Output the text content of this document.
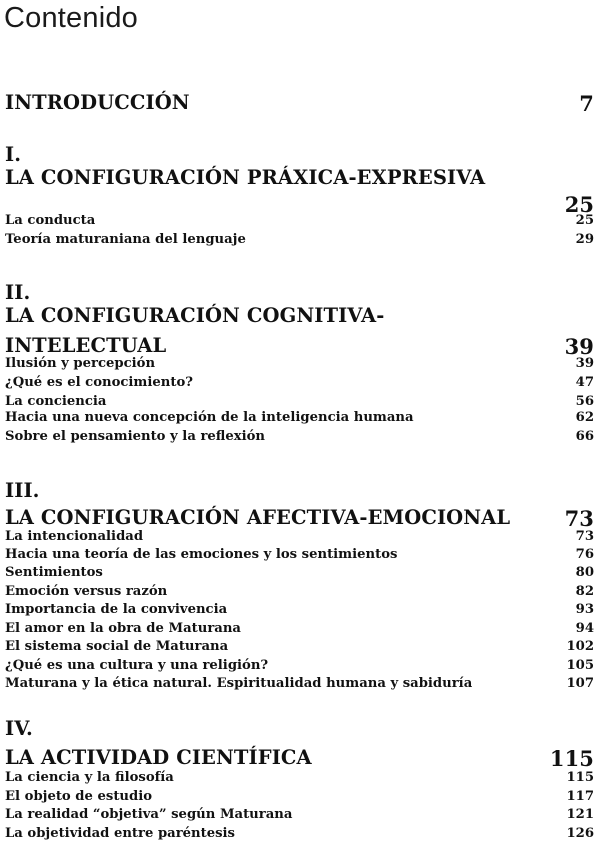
Contenido
INTRODUCCIÓN	7
I.
LA CONFIGURACIÓN PRÁXICA-EXPRESIVA
25
La conducta	25
Teoría maturaniana del lenguaje	29
II.
LA CONFIGURACIÓN COGNITIVA-
INTELECTUAL	39
Ilusión y percepción	39
¿Qué es el conocimiento?	47
La conciencia	56
Hacia una nueva concepción de la inteligencia humana	62
Sobre el pensamiento y la reflexión	66
III.
LA CONFIGURACIÓN AFECTIVA-EMOCIONAL	73
La intencionalidad	73
Hacia una teoría de las emociones y los sentimientos	76
Sentimientos	80
Emoción versus razón	82
Importancia de la convivencia	93
El amor en la obra de Maturana	94
El sistema social de Maturana	102
¿Qué es una cultura y una religión?	105
Maturana y la ética natural. Espiritualidad humana y sabiduría	107
IV.
LA ACTIVIDAD CIENTÍFICA	115
La ciencia y la filosofía	115
El objeto de estudio	117
La realidad “objetiva” según Maturana	121
La objetividad entre paréntesis	126
